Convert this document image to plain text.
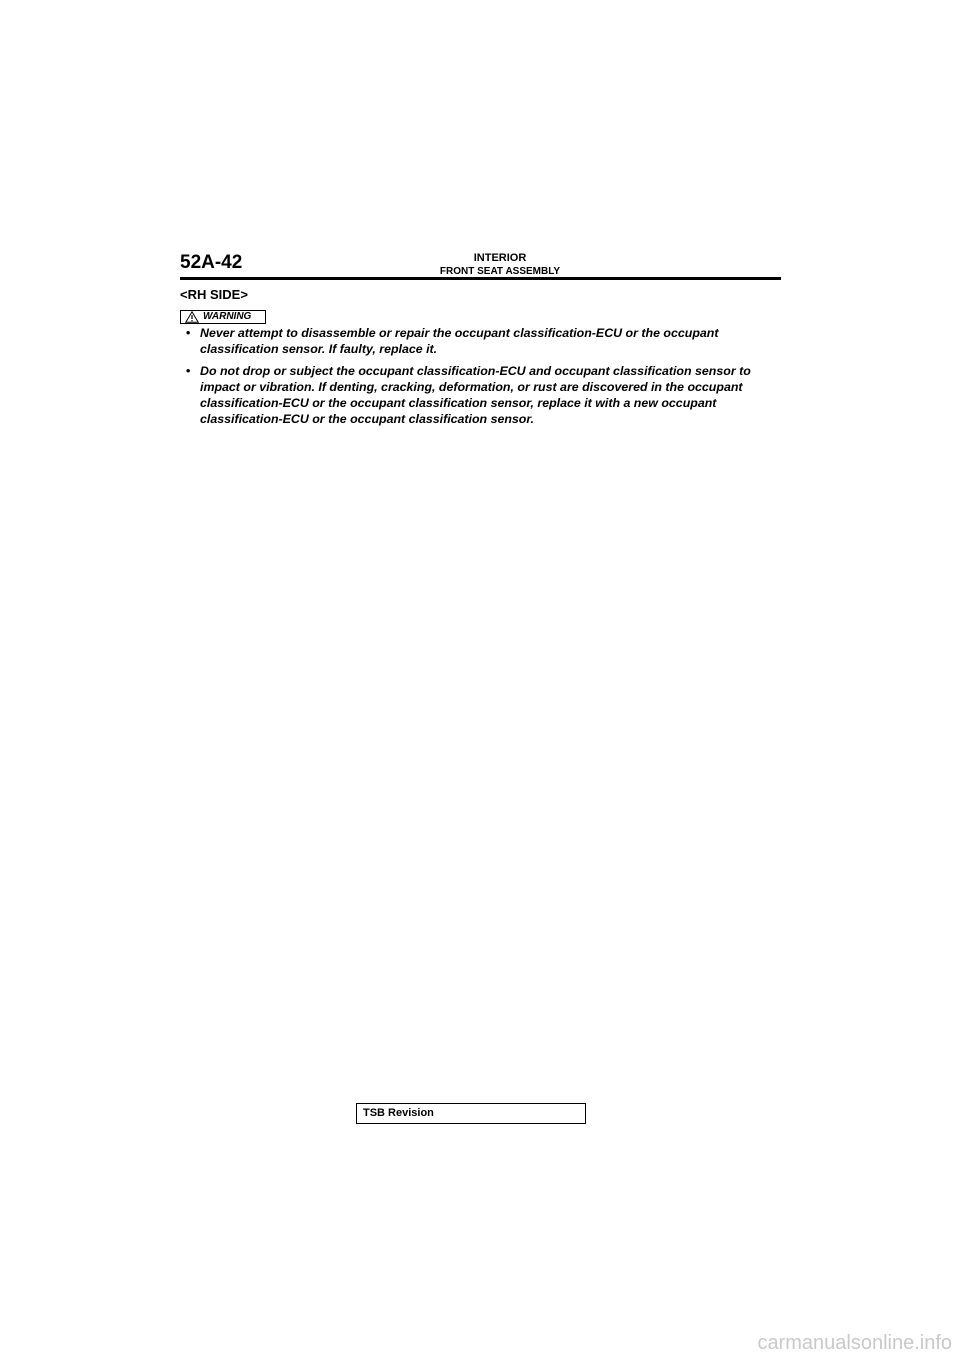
52A-42	INTERIOR
FRONT SEAT ASSEMBLY
<RH SIDE>
WARNING
• Never attempt to disassemble or repair the occupant classification-ECU or the occupant classification sensor. If faulty, replace it.
• Do not drop or subject the occupant classification-ECU and occupant classification sensor to impact or vibration. If denting, cracking, deformation, or rust are discovered in the occupant classification-ECU or the occupant classification sensor, replace it with a new occupant classification-ECU or the occupant classification sensor.
TSB Revision
carmanualsonline.info
